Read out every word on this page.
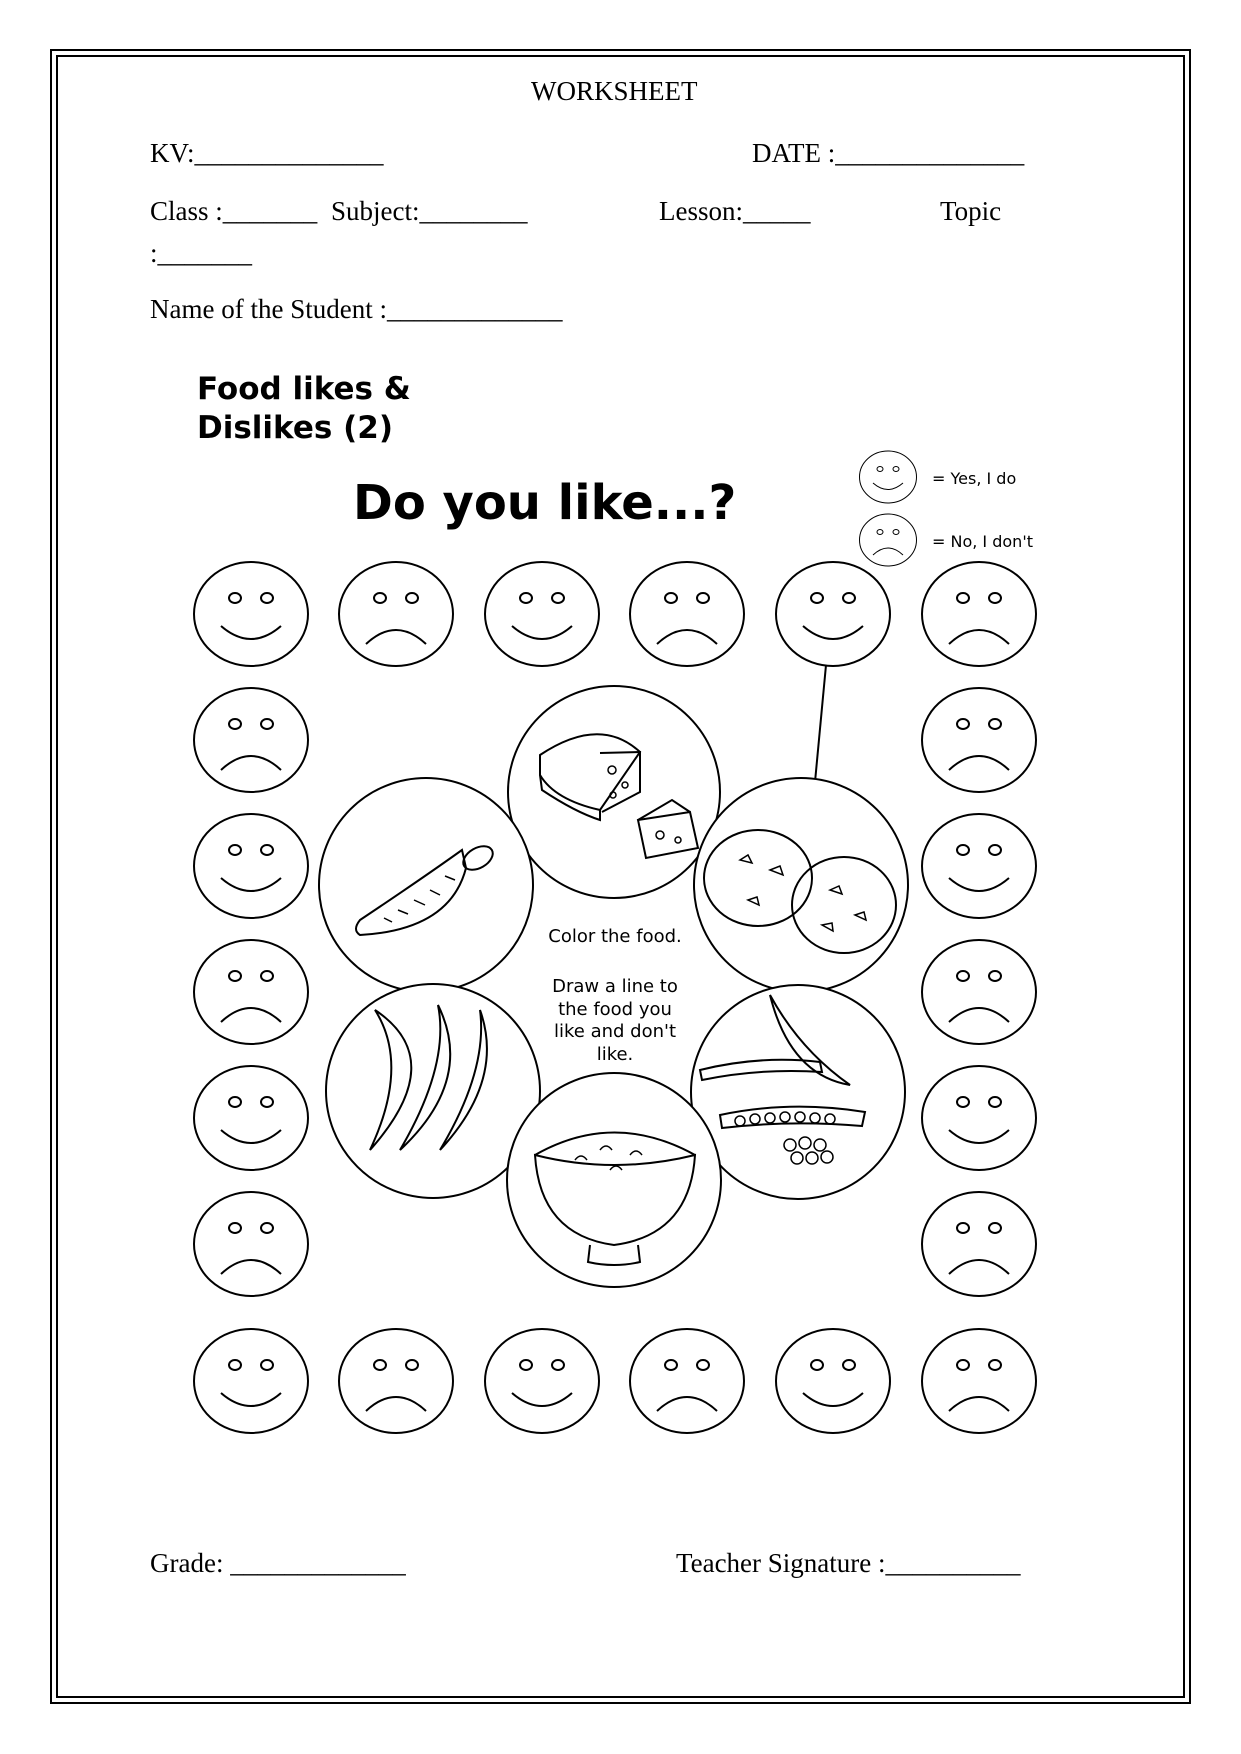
WORKSHEET
KV:______________	DATE :______________
Class :_______ Subject:________	Lesson:_____	Topic
:_______
Name of the Student :_____________
Food likes &
Dislikes (2)
Do you like...?	= Yes, I do
= No, I don't
Color the food.
Draw a line to
the food you
like and don't
like.
Grade: _____________	Teacher Signature :__________
